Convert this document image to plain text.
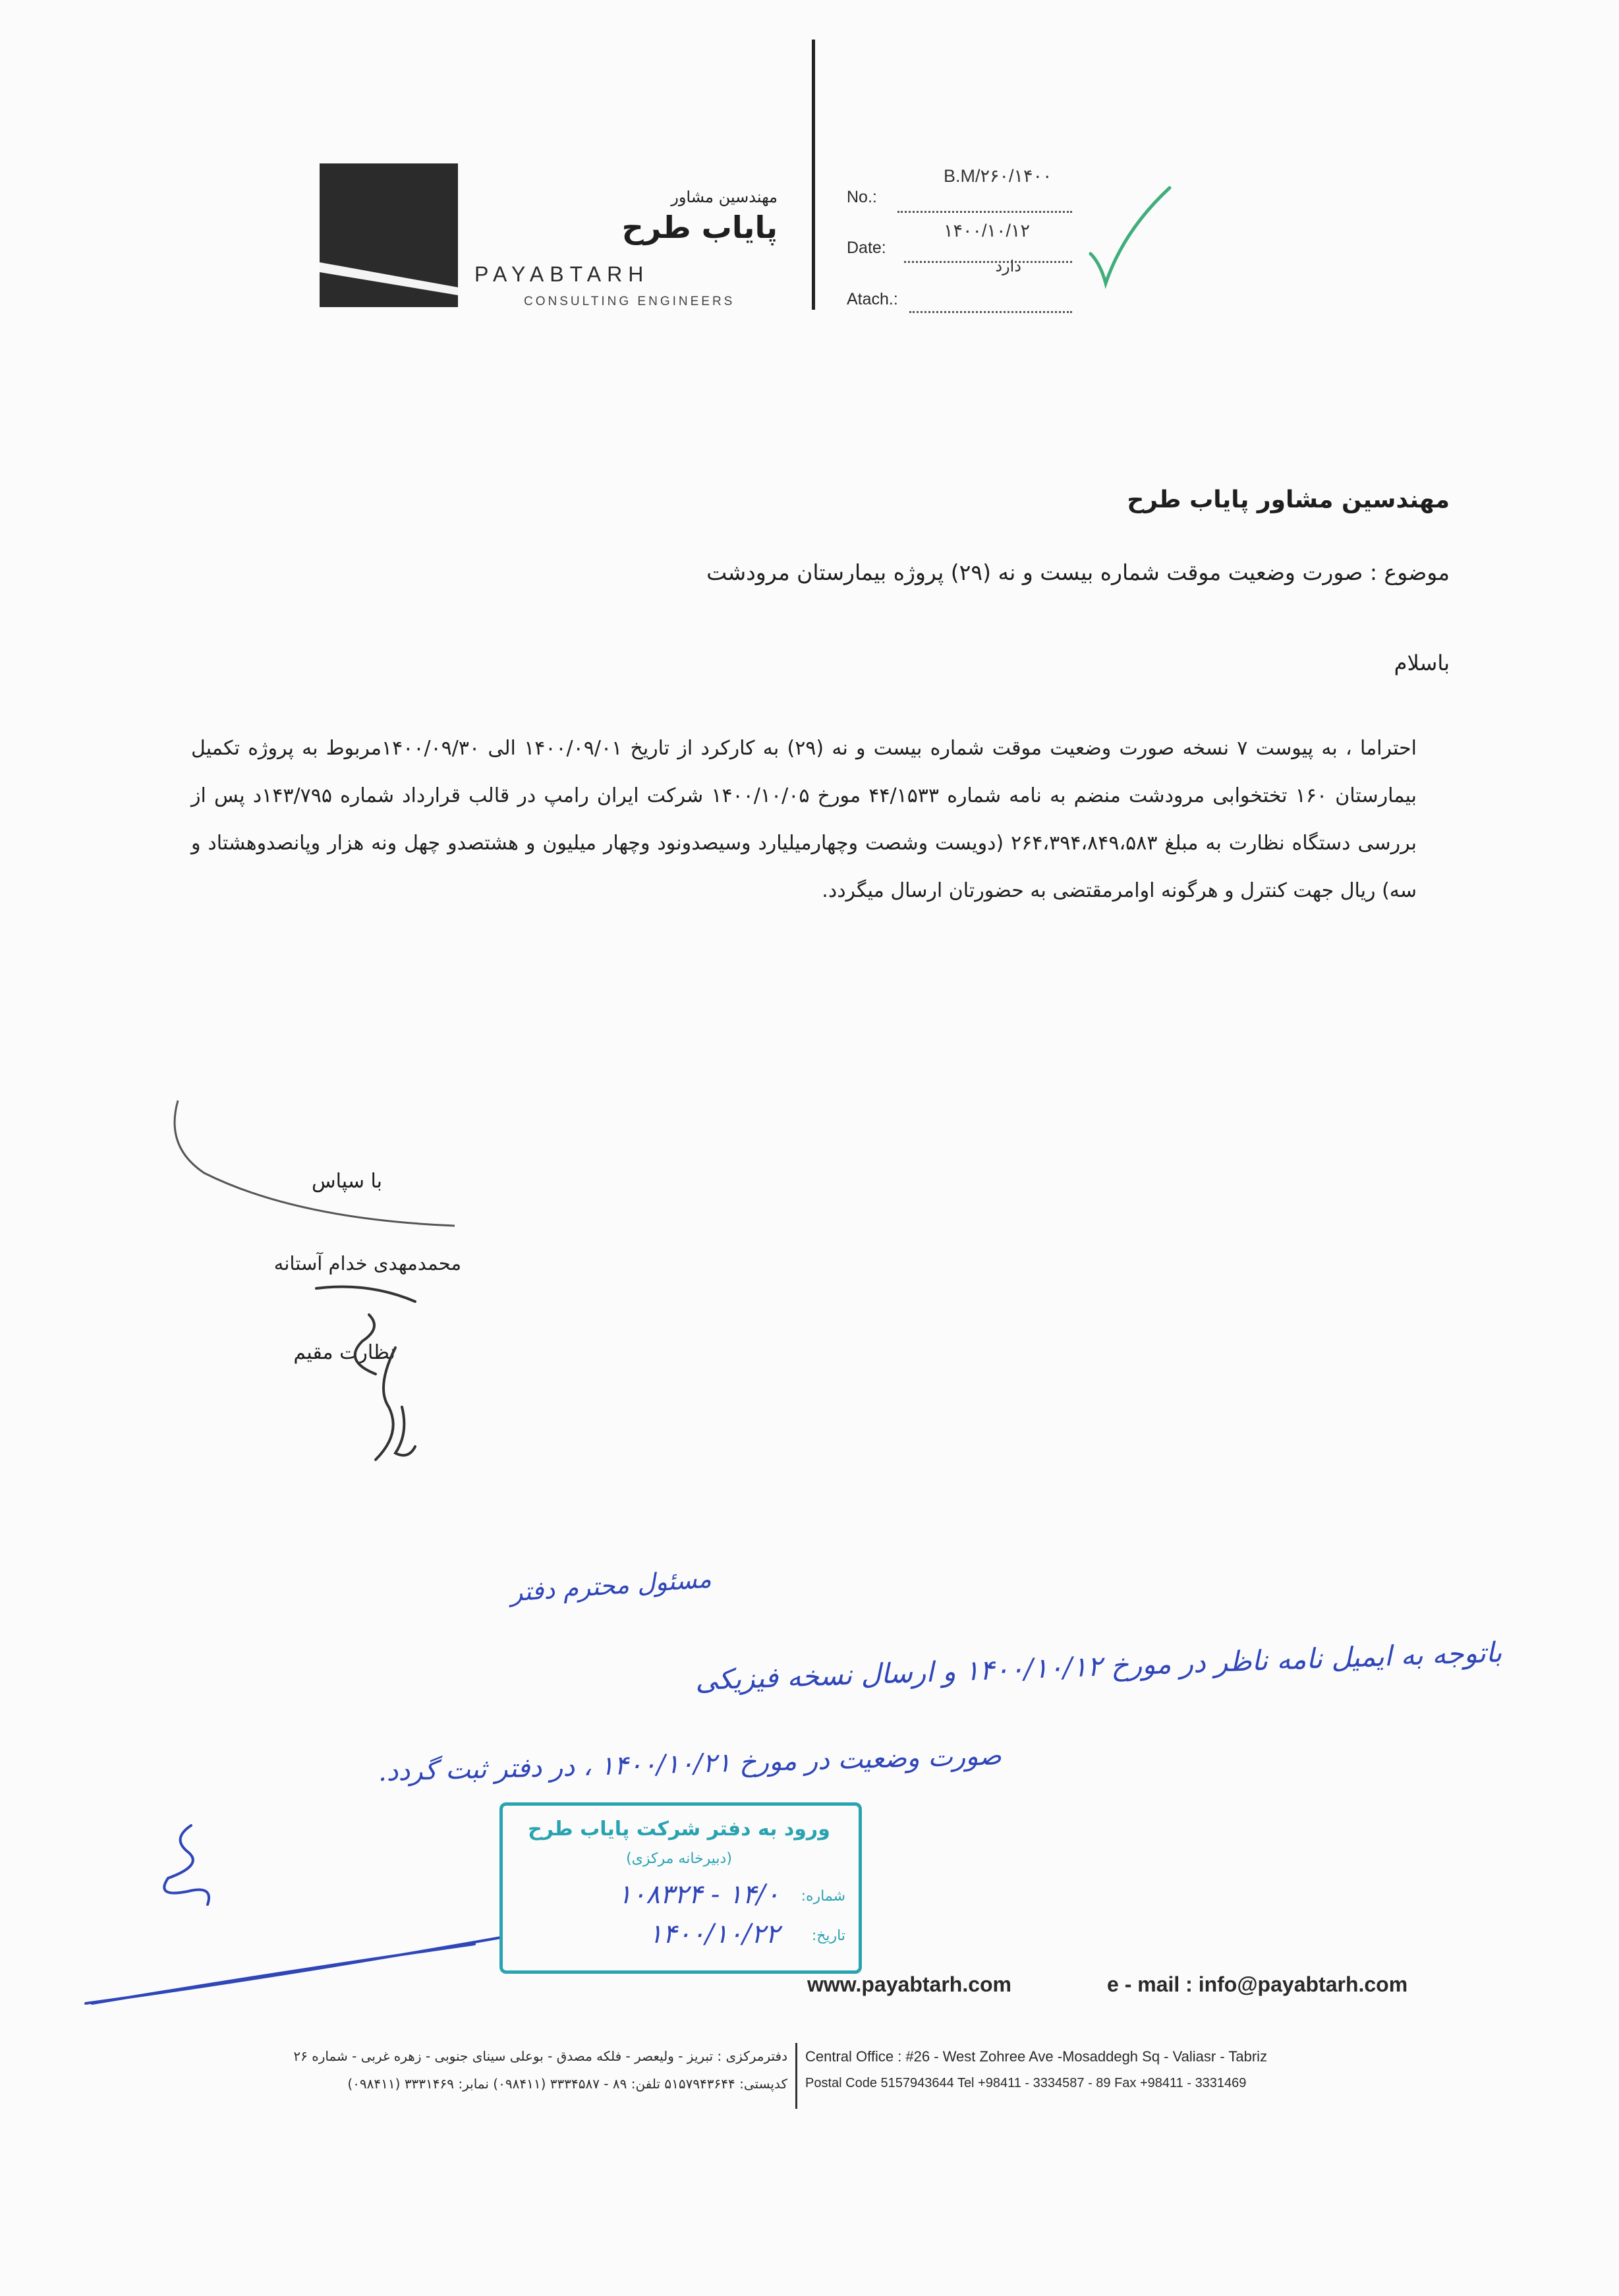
مهندسین مشاور
پایاب طرح
PAYABTARH
CONSULTING ENGINEERS
No.:
B.M/۲۶۰/۱۴۰۰
Date:
۱۴۰۰/۱۰/۱۲
دارد
Atach.:
مهندسین مشاور پایاب طرح
موضوع : صورت وضعیت موقت شماره بیست و نه (۲۹) پروژه بیمارستان مرودشت
باسلام
احتراما ، به پیوست ۷ نسخه صورت وضعیت موقت شماره بیست و نه (۲۹) به کارکرد از تاریخ ۱۴۰۰/۰۹/۰۱ الی ۱۴۰۰/۰۹/۳۰مربوط به پروژه تکمیل بیمارستان ۱۶۰ تختخوابی مرودشت منضم به نامه شماره ۴۴/۱۵۳۳ مورخ ۱۴۰۰/۱۰/۰۵ شرکت ایران رامپ در قالب قرارداد شماره ۱۴۳/۷۹۵د پس از بررسی دستگاه نظارت به مبلغ ۲۶۴،۳۹۴،۸۴۹،۵۸۳ (دویست وشصت وچهارمیلیارد وسیصدونود وچهار میلیون و هشتصدو چهل ونه هزار وپانصدوهشتاد و سه) ریال جهت کنترل و هرگونه اوامرمقتضی به حضورتان ارسال میگردد.
با سپاس
محمدمهدی خدام آستانه
نظارت مقیم
مسئول محترم دفتر
باتوجه به ایمیل نامه ناظر در مورخ ۱۴۰۰/۱۰/۱۲ و ارسال نسخه فیزیکی
صورت وضعیت در مورخ ۱۴۰۰/۱۰/۲۱ ، در دفتر ثبت گردد.
ورود به دفتر شرکت پایاب طرح
(دبیرخانه مرکزی)
شماره:
۱۴/۰ - ۱۰۸۳۲۴
تاریخ:
۱۴۰۰/۱۰/۲۲
www.payabtarh.com	e - mail : info@payabtarh.com
Central Office : #26 - West Zohree Ave -Mosaddegh Sq - Valiasr - Tabriz
Postal Code 5157943644 Tel +98411 - 3334587 - 89 Fax +98411 - 3331469
دفترمرکزی : تبریز - ولیعصر - فلکه مصدق - بوعلی سینای جنوبی - زهره غربی - شماره ۲۶
کدپستی: ۵۱۵۷۹۴۳۶۴۴ تلفن: ۸۹ - ۳۳۳۴۵۸۷ (۰۹۸۴۱۱) نمابر: ۳۳۳۱۴۶۹ (۰۹۸۴۱۱)
